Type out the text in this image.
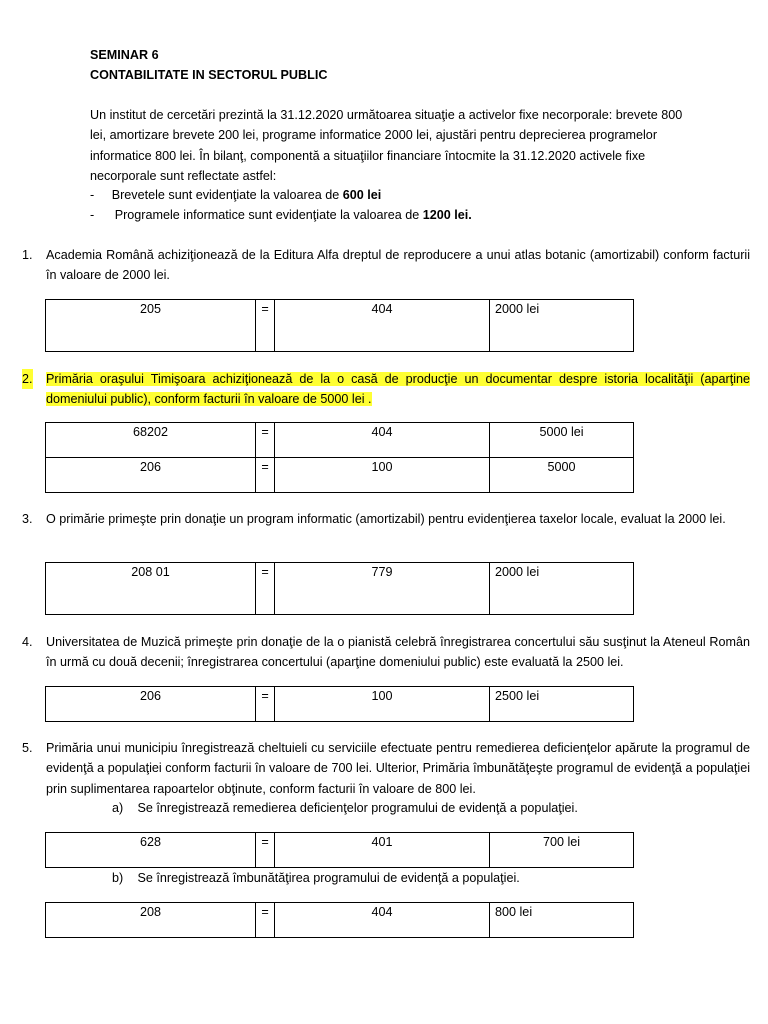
SEMINAR 6
CONTABILITATE IN SECTORUL PUBLIC
Un institut de cercetări prezintă la 31.12.2020 următoarea situaţie a activelor fixe necorporale: brevete 800 lei, amortizare brevete 200 lei, programe informatice 2000 lei, ajustări pentru deprecierea programelor informatice 800 lei. În bilanţ, componentă a situaţiilor financiare întocmite la 31.12.2020 activele fixe necorporale sunt reflectate astfel:
- Brevetele sunt evidenţiate la valoarea de 600 lei
- Programele informatice sunt evidenţiate la valoarea de 1200 lei.
1. Academia Română achiziţionează de la Editura Alfa dreptul de reproducere a unui atlas botanic (amortizabil) conform facturii în valoare de 2000 lei.
205	=	404	2000 lei
2. Primăria oraşului Timişoara achiziţionează de la o casă de producţie un documentar despre istoria localităţii (aparţine domeniului public), conform facturii în valoare de 5000 lei .
68202	=	404	5000 lei
206	=	100	5000
3. O primărie primeşte prin donaţie un program informatic (amortizabil) pentru evidenţierea taxelor locale, evaluat la 2000 lei.
208 01	=	779	2000 lei
4. Universitatea de Muzică primeşte prin donaţie de la o pianistă celebră înregistrarea concertului său susţinut la Ateneul Român în urmă cu două decenii; înregistrarea concertului (aparţine domeniului public) este evaluată la 2500 lei.
206	=	100	2500 lei
5. Primăria unui municipiu înregistrează cheltuieli cu serviciile efectuate pentru remedierea deficienţelor apărute la programul de evidenţă a populaţiei conform facturii în valoare de 700 lei. Ulterior, Primăria îmbunătăţeşte programul de evidenţă a populaţiei prin suplimentarea rapoartelor obţinute, conform facturii în valoare de 800 lei.
a) Se înregistrează remedierea deficienţelor programului de evidenţă a populaţiei.
628	=	401	700 lei
b) Se înregistrează îmbunătăţirea programului de evidenţă a populaţiei.
208	=	404	800 lei
